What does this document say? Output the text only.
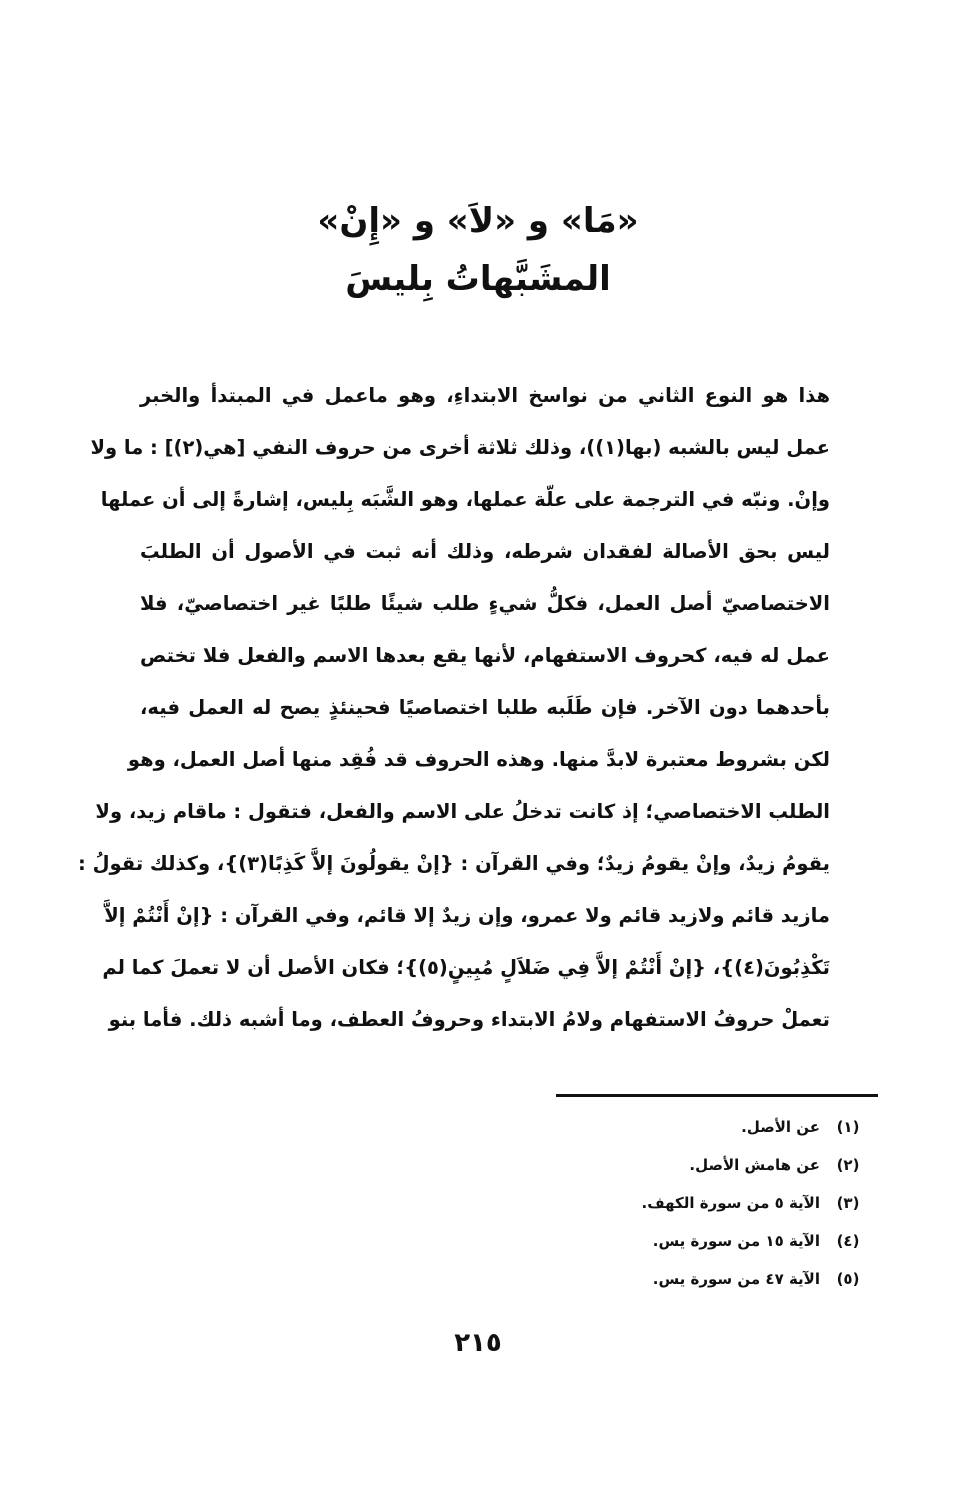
«مَا» و «لاَ» و «إِنْ»
المشَبَّهاتُ بِليسَ
هذا هو النوع الثاني من نواسخ الابتداءِ، وهو ماعمل في المبتدأ والخبر
عمل ليس بالشبه (بها(١))، وذلك ثلاثة أخرى من حروف النفي [هي(٢)] : ما ولا
وإنْ. ونبّه في الترجمة على علّة عملها، وهو الشَّبَه بِليس، إشارةً إلى أن عملها
ليس بحق الأصالة لفقدان شرطه، وذلك أنه ثبت في الأصول أن الطلبَ
الاختصاصيّ أصل العمل، فكلُّ شيءٍ طلب شيئًا طلبًا غير اختصاصيّ، فلا
عمل له فيه، كحروف الاستفهام، لأنها يقع بعدها الاسم والفعل فلا تختص
بأحدهما دون الآخر. فإن طَلَبه طلبا اختصاصيًا فحينئذٍ يصح له العمل فيه،
لكن بشروط معتبرة لابدَّ منها. وهذه الحروف قد فُقِد منها أصل العمل، وهو
الطلب الاختصاصي؛ إذ كانت تدخلُ على الاسم والفعل، فتقول : ماقام زيد، ولا
يقومُ زيدٌ، وإنْ يقومُ زيدٌ؛ وفي القرآن : {إنْ يقولُونَ إلاَّ كَذِبًا(٣)}، وكذلك تقولُ :
مازيد قائم ولازيد قائم ولا عمرو، وإن زيدٌ إلا قائم، وفي القرآن : {إنْ أَنْتُمْ إلاَّ
تَكْذِبُونَ(٤)}، {إنْ أَنْتُمْ إلاَّ فِي ضَلاَلٍ مُبِينٍ(٥)}؛ فكان الأصل أن لا تعملَ كما لم
تعملْ حروفُ الاستفهام ولامُ الابتداء وحروفُ العطف، وما أشبه ذلك. فأما بنو
(١)عن الأصل.
(٢)عن هامش الأصل.
(٣)الآية ٥ من سورة الكهف.
(٤)الآية ١٥ من سورة يس.
(٥)الآية ٤٧ من سورة يس.
٢١٥
